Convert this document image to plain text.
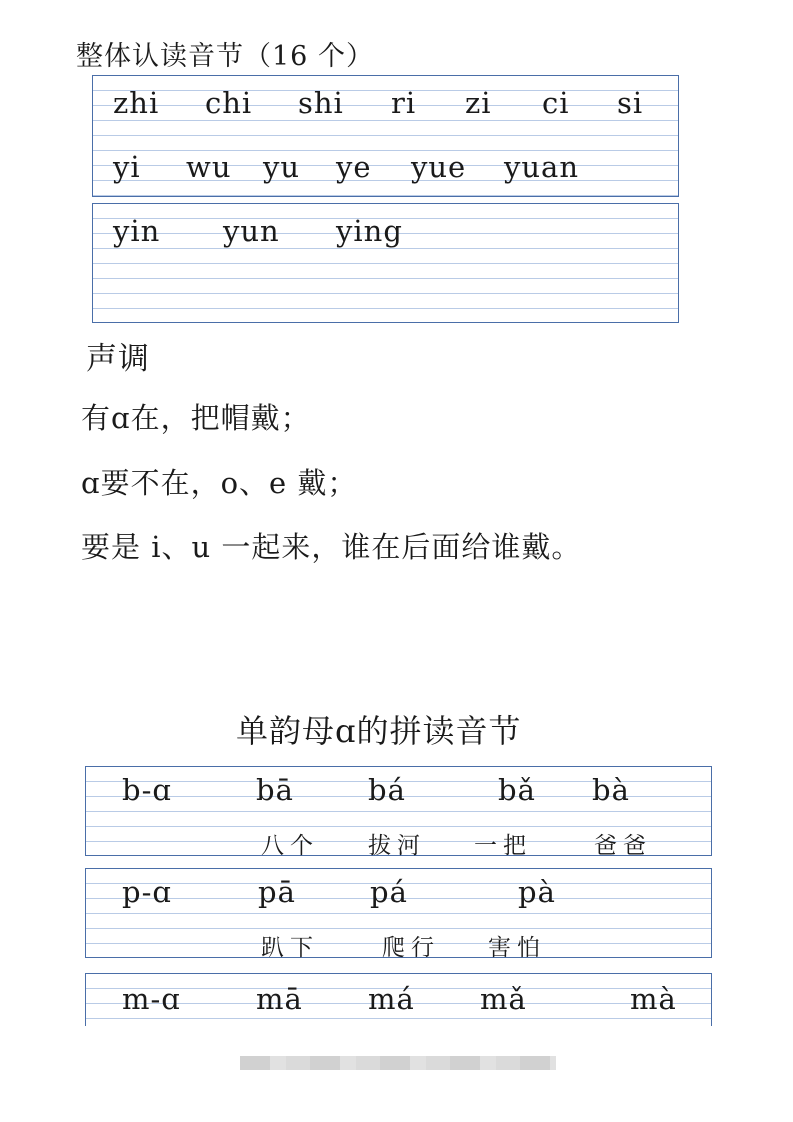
整体认读音节（16 个）
zhi chi shi ri zi ci si
yi wu yu ye yue yuan
yin yun ying
声调
有ɑ在，把帽戴；
ɑ要不在，o、e 戴；
要是 i、u 一起来，谁在后面给谁戴。
单韵母ɑ的拼读音节
b-ɑ	bā	bá	bǎ bà
八个 拔河 一把	爸爸
p-ɑ	pā	pá	pà
趴下	爬行 害怕
m-ɑ	mā má mǎ	mà
